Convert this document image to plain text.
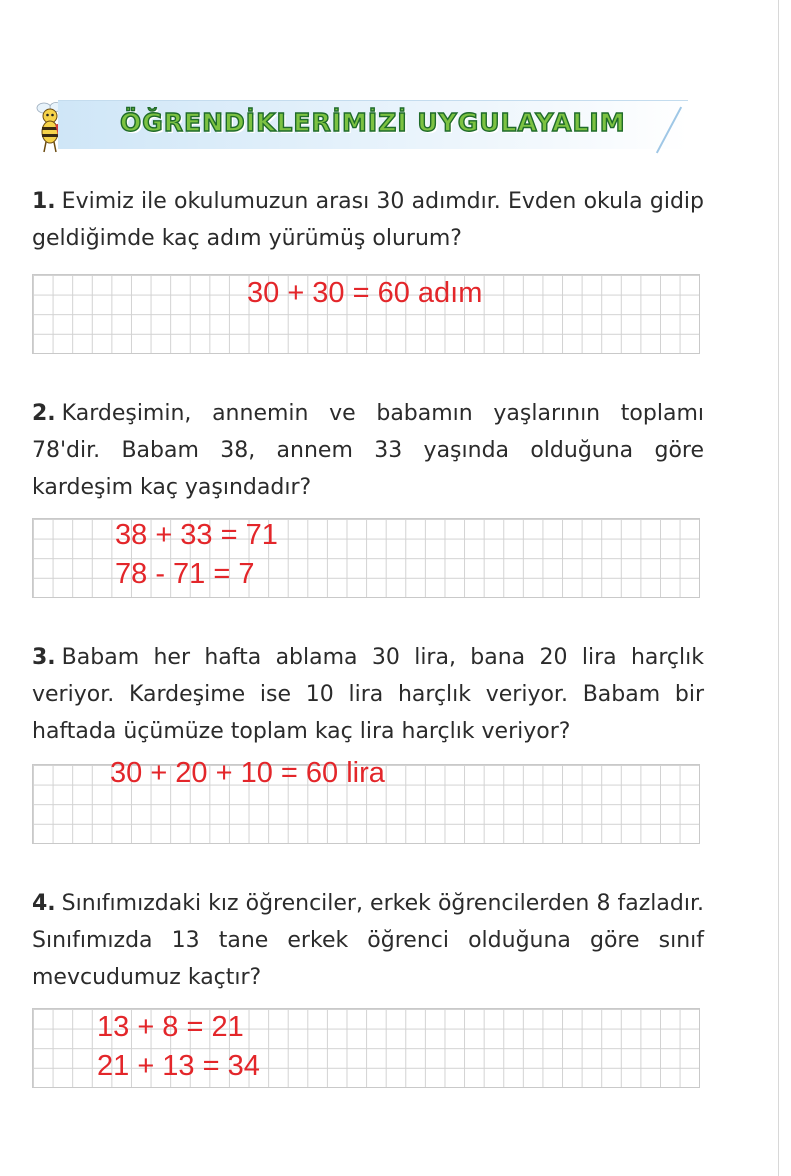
ÖĞRENDİKLERİMİZİ UYGULAYALIM
1. Evimiz ile okulumuzun arası 30 adımdır. Evden okula gidip geldiğimde kaç adım yürümüş olurum?
30 + 30 = 60 adım
2. Kardeşimin, annemin ve babamın yaşlarının toplamı 78'dir. Babam 38, annem 33 yaşında olduğuna göre kardeşim kaç yaşındadır?
38 + 33 = 71
78 - 71 = 7
3. Babam her hafta ablama 30 lira, bana 20 lira harçlık veriyor. Kardeşime ise 10 lira harçlık veriyor. Babam bir haftada üçümüze toplam kaç lira harçlık veriyor?
30 + 20 + 10 = 60 lira
4. Sınıfımızdaki kız öğrenciler, erkek öğrencilerden 8 fazladır. Sınıfımızda 13 tane erkek öğrenci olduğuna göre sınıf mevcudumuz kaçtır?
13 + 8 = 21
21 + 13 = 34
